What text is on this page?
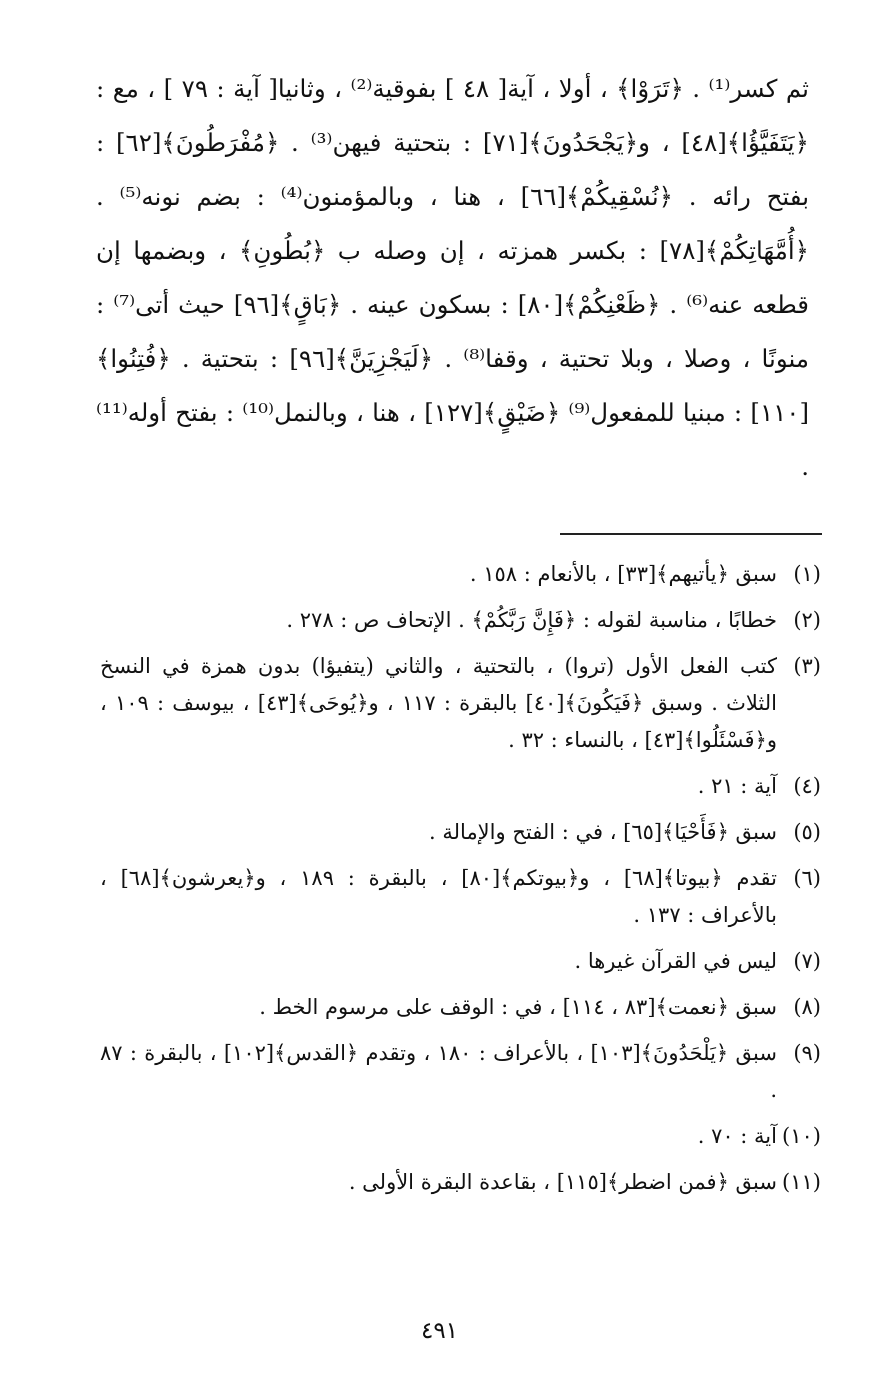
ثم كسر⁽¹⁾ . ﴿تَرَوْا﴾ ، أولا ، آية[ ٤٨ ] بفوقية⁽²⁾ ، وثانيا[ آية : ٧٩ ] ، مع : ﴿يَتَفَيَّؤُا﴾[٤٨] ، و﴿يَجْحَدُونَ﴾[٧١] : بتحتية فيهن⁽³⁾ . ﴿مُفْرَطُونَ﴾[٦٢] : بفتح رائه . ﴿نُسْقِيكُمْ﴾[٦٦] ، هنا ، وبالمؤمنون⁽⁴⁾ : بضم نونه⁽⁵⁾ . ﴿أُمَّهَاتِكُمْ﴾[٧٨] : بكسر همزته ، إن وصله ب ﴿بُطُونِ﴾ ، وبضمها إن قطعه عنه⁽⁶⁾ . ﴿ظَعْنِكُمْ﴾[٨٠] : بسكون عينه . ﴿بَاقٍ﴾[٩٦] حيث أتى⁽⁷⁾ : منونًا ، وصلا ، وبلا تحتية ، وقفا⁽⁸⁾ . ﴿لَيَجْزِيَنَّ﴾[٩٦] : بتحتية . ﴿فُتِنُوا﴾[١١٠] : مبنيا للمفعول⁽⁹⁾ ﴿ضَيْقٍ﴾[١٢٧] ، هنا ، وبالنمل⁽¹⁰⁾ : بفتح أوله⁽¹¹⁾ .

(١)
سبق ﴿يأتيهم﴾[٣٣] ، بالأنعام : ١٥٨ .
(٢)
خطابًا ، مناسبة لقوله : ﴿فَإِنَّ رَبَّكُمْ﴾ . الإتحاف ص : ٢٧٨ .
(٣)
كتب الفعل الأول (تروا) ، بالتحتية ، والثاني (يتفيؤا) بدون همزة في النسخ الثلاث . وسبق ﴿فَيَكُونَ﴾[٤٠] بالبقرة : ١١٧ ، و﴿يُوحَى﴾[٤٣] ، بيوسف : ١٠٩ ، و﴿فَسْئَلُوا﴾[٤٣] ، بالنساء : ٣٢ .
(٤)
آية : ٢١ .
(٥)
سبق ﴿فَأَحْيَا﴾[٦٥] ، في : الفتح والإمالة .
(٦)
تقدم ﴿بيوتا﴾[٦٨] ، و﴿بيوتكم﴾[٨٠] ، بالبقرة : ١٨٩ ، و﴿يعرشون﴾[٦٨] ، بالأعراف : ١٣٧ .
(٧)
ليس في القرآن غيرها .
(٨)
سبق ﴿نعمت﴾[٨٣ ، ١١٤] ، في : الوقف على مرسوم الخط .
(٩)
سبق ﴿يَلْحَدُونَ﴾[١٠٣] ، بالأعراف : ١٨٠ ، وتقدم ﴿القدس﴾[١٠٢] ، بالبقرة : ٨٧ .
(١٠)
آية : ٧٠ .
(١١)
سبق ﴿فمن اضطر﴾[١١٥] ، بقاعدة البقرة الأولى .
٤٩١
